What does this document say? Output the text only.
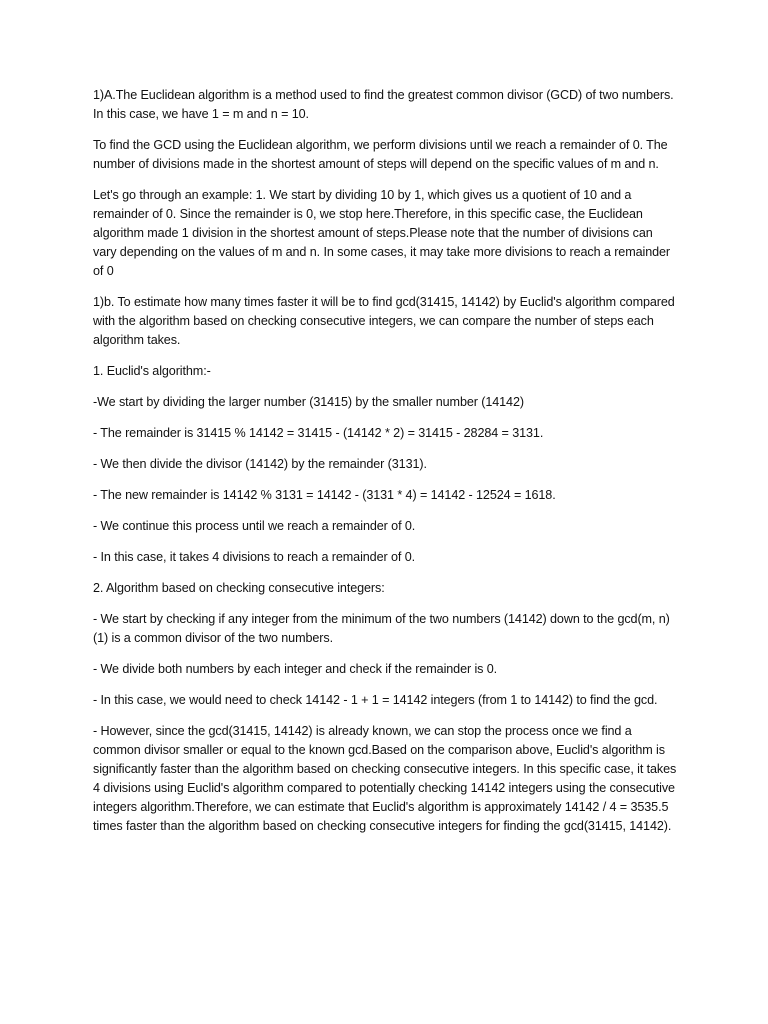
1)A.The Euclidean algorithm is a method used to find the greatest common divisor (GCD) of two numbers. In this case, we have 1 = m and n = 10.

To find the GCD using the Euclidean algorithm, we perform divisions until we reach a remainder of 0. The number of divisions made in the shortest amount of steps will depend on the specific values of m and n.

Let's go through an example: 1. We start by dividing 10 by 1, which gives us a quotient of 10 and a remainder of 0. Since the remainder is 0, we stop here.Therefore, in this specific case, the Euclidean algorithm made 1 division in the shortest amount of steps.Please note that the number of divisions can vary depending on the values of m and n. In some cases, it may take more divisions to reach a remainder of 0

1)b. To estimate how many times faster it will be to find gcd(31415, 14142) by Euclid's algorithm compared with the algorithm based on checking consecutive integers, we can compare the number of steps each algorithm takes.

1. Euclid's algorithm:-

-We start by dividing the larger number (31415) by the smaller number (14142)

- The remainder is 31415 % 14142 = 31415 - (14142 * 2) = 31415 - 28284 = 3131.

- We then divide the divisor (14142) by the remainder (3131).

- The new remainder is 14142 % 3131 = 14142 - (3131 * 4) = 14142 - 12524 = 1618.

- We continue this process until we reach a remainder of 0.

- In this case, it takes 4 divisions to reach a remainder of 0.

2. Algorithm based on checking consecutive integers:

- We start by checking if any integer from the minimum of the two numbers (14142) down to the gcd(m, n) (1) is a common divisor of the two numbers.

- We divide both numbers by each integer and check if the remainder is 0.

- In this case, we would need to check 14142 - 1 + 1 = 14142 integers (from 1 to 14142) to find the gcd.

- However, since the gcd(31415, 14142) is already known, we can stop the process once we find a common divisor smaller or equal to the known gcd.Based on the comparison above, Euclid's algorithm is significantly faster than the algorithm based on checking consecutive integers. In this specific case, it takes 4 divisions using Euclid's algorithm compared to potentially checking 14142 integers using the consecutive integers algorithm.Therefore, we can estimate that Euclid's algorithm is approximately 14142 / 4 = 3535.5 times faster than the algorithm based on checking consecutive integers for finding the gcd(31415, 14142).
